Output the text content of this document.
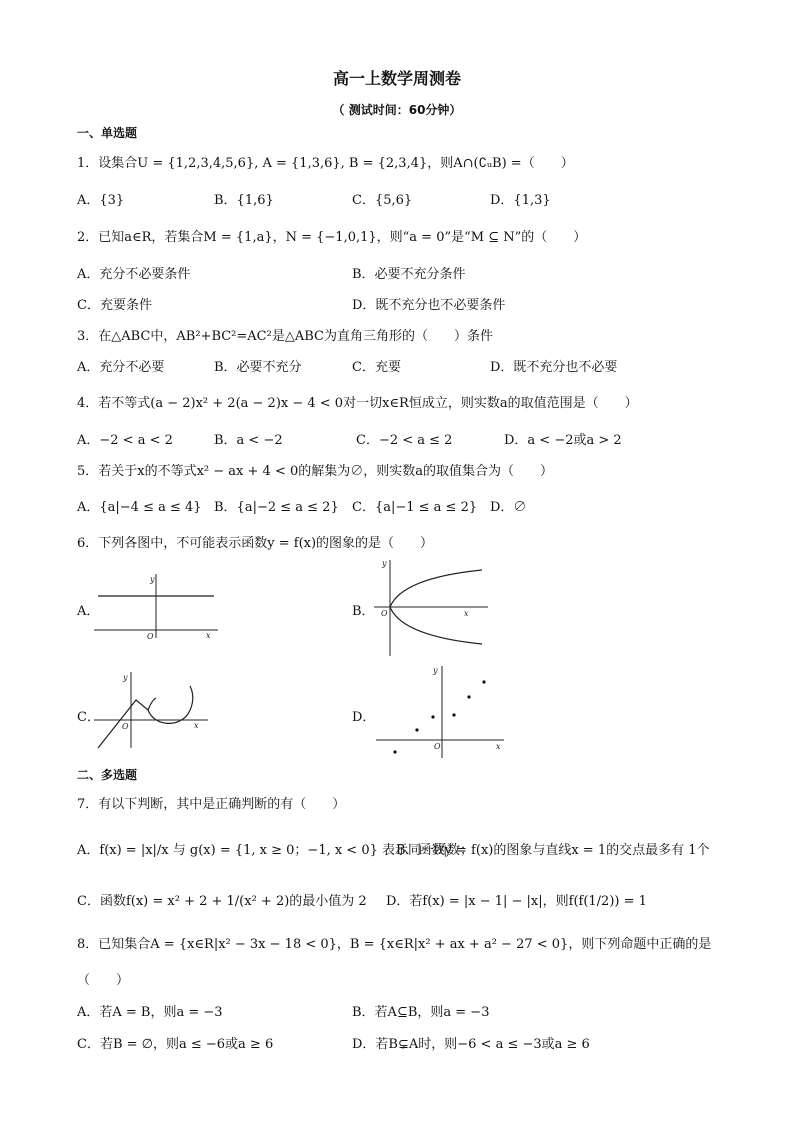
高一上数学周测卷
（ 测试时间：60分钟）
一、单选题
1．设集合U = {1,2,3,4,5,6}, A = {1,3,6}, B = {2,3,4}，则A∩(∁ᵤB) =（　　）
A．{3}	B．{1,6}	C．{5,6}	D．{1,3}
2．已知a∈R，若集合M = {1,a}，N = {−1,0,1}，则“a = 0”是“M ⊆ N”的（　　）
A．充分不必要条件	B．必要不充分条件
C．充要条件	D．既不充分也不必要条件
3．在△ABC中，AB²+BC²=AC²是△ABC为直角三角形的（　　）条件
A．充分不必要	B．必要不充分	C．充要	D．既不充分也不必要
4．若不等式(a − 2)x² + 2(a − 2)x − 4 < 0对一切x∈R恒成立，则实数a的取值范围是（　　）
A．−2 < a < 2	B．a < −2	C．−2 < a ≤ 2	D．a < −2或a > 2
5．若关于x的不等式x² − ax + 4 < 0的解集为∅，则实数a的取值集合为（　　）
A．{a|−4 ≤ a ≤ 4} B．{a|−2 ≤ a ≤ 2} C．{a|−1 ≤ a ≤ 2} D．∅
6．下列各图中，不可能表示函数y = f(x)的图象的是（　　）
A．
y
x
O
B．
y
x
O
C．
y
x
O
D．
y
x
O
二、多选题
7．有以下判断，其中是正确判断的有（　　）
A．f(x) = |x|/x 与 g(x) = {1, x ≥ 0；−1, x < 0} 表示同一函数；
B．函数y = f(x)的图象与直线x = 1的交点最多有 1个
C．函数f(x) = x² + 2 + 1/(x² + 2)的最小值为 2 D．若f(x) = |x − 1| − |x|，则f(f(1/2)) = 1
8．已知集合A = {x∈R|x² − 3x − 18 < 0}，B = {x∈R|x² + ax + a² − 27 < 0}，则下列命题中正确的是
（　　）
A．若A = B，则a = −3	B．若A⊆B，则a = −3
C．若B = ∅，则a ≤ −6或a ≥ 6	D．若B⊊A时，则−6 < a ≤ −3或a ≥ 6
